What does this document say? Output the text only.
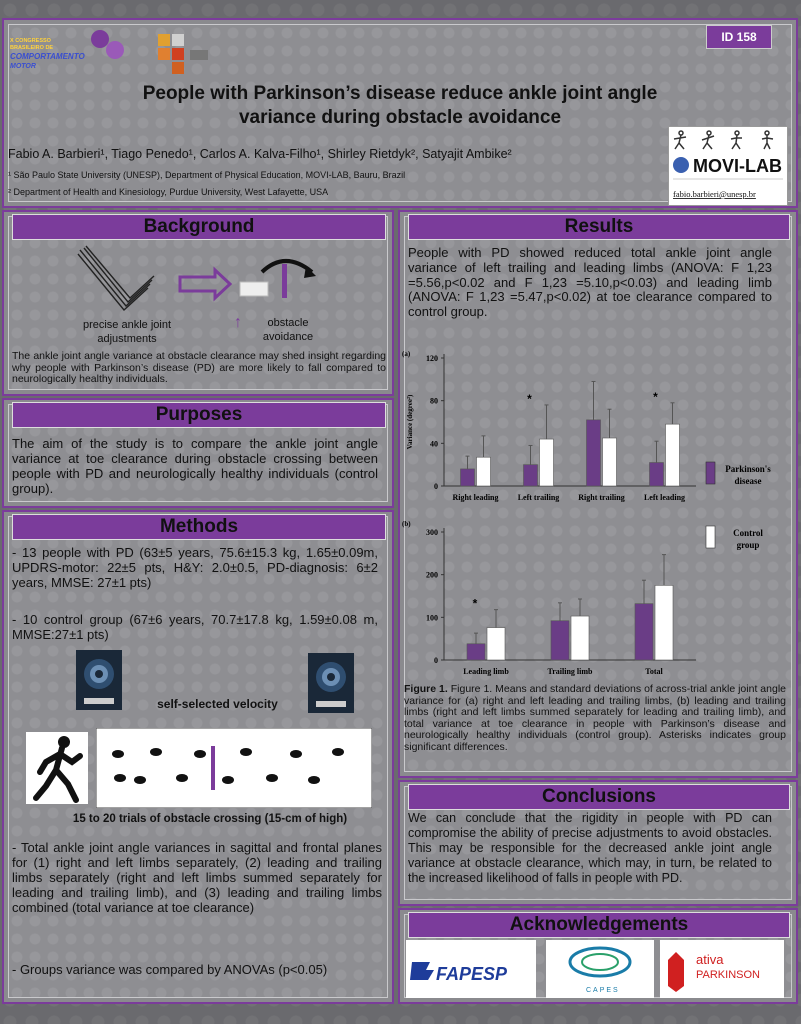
X CONGRESSO
BRASILEIRO DE
COMPORTAMENTO
MOTOR
ID 158
People with Parkinson’s disease reduce ankle joint angle
variance during obstacle avoidance
Fabio A. Barbieri¹, Tiago Penedo¹, Carlos A. Kalva-Filho¹, Shirley Rietdyk², Satyajit Ambike²
¹ São Paulo State University (UNESP), Department of Physical Education, MOVI-LAB, Bauru, Brazil
² Department of Health and Kinesiology, Purdue University, West Lafayette, USA
MOVI-LAB
fabio.barbieri@unesp.br
Background
precise ankle joint adjustments
↑	obstacle avoidance
The ankle joint angle variance at obstacle clearance may shed insight regarding why people with Parkinson’s disease (PD) are more likely to fall compared to neurologically healthy individuals.
Purposes
The aim of the study is to compare the ankle joint angle variance at toe clearance during obstacle crossing between people with PD and neurologically healthy individuals (control group).
Methods
- 13 people with PD (63±5 years, 75.6±15.3 kg, 1.65±0.09m, UPDRS-motor: 22±5 pts, H&Y: 2.0±0.5, PD-diagnosis: 6±2 years, MMSE: 27±1 pts)
- 10 control group (67±6 years, 70.7±17.8 kg, 1.59±0.08 m, MMSE:27±1 pts)
self-selected velocity
15 to 20 trials of obstacle crossing (15-cm of high)
- Total ankle joint angle variances in sagittal and frontal planes for (1) right and left limbs separately, (2) leading and trailing limbs separately (right and left limbs summed separately for leading and trailing limb), and (3) leading and trailing limbs combined (total variance at toe clearance)
- Groups variance was compared by ANOVAs (p<0.05)
Results
People with PD showed reduced total ankle joint angle variance of left trailing and leading limbs (ANOVA: F 1,23 =5.56,p<0.02 and F 1,23 =5.10,p<0.03) and leading limb (ANOVA: F 1,23 =5.47,p<0.02) at toe clearance compared to control group.
(a)
Variance (degree²)
0
40
80
120
Right leading
*
Left trailing Right trailing
*
Left leading
Parkinson's
disease
(b)
0
100
200
300
*
Leading limb	Trailing limb	Total
Control
group
Figure 1. Figure 1. Means and standard deviations of across-trial ankle joint angle variance for (a) right and left leading and trailing limbs, (b) leading and trailing limbs (right and left limbs summed separately for leading and trailing limb), and total variance at toe clearance in people with Parkinson’s disease and neurologically healthy individuals (control group). Asterisks indicates group significant differences.
Conclusions
We can conclude that the rigidity in people with PD can compromise the ability of precise adjustments to avoid obstacles. This may be responsible for the decreased ankle joint angle variance at obstacle clearance, which may, in turn, be related to the increased likelihood of falls in people with PD.
Acknowledgements
FAPESP
CAPES
ativa
PARKINSON
